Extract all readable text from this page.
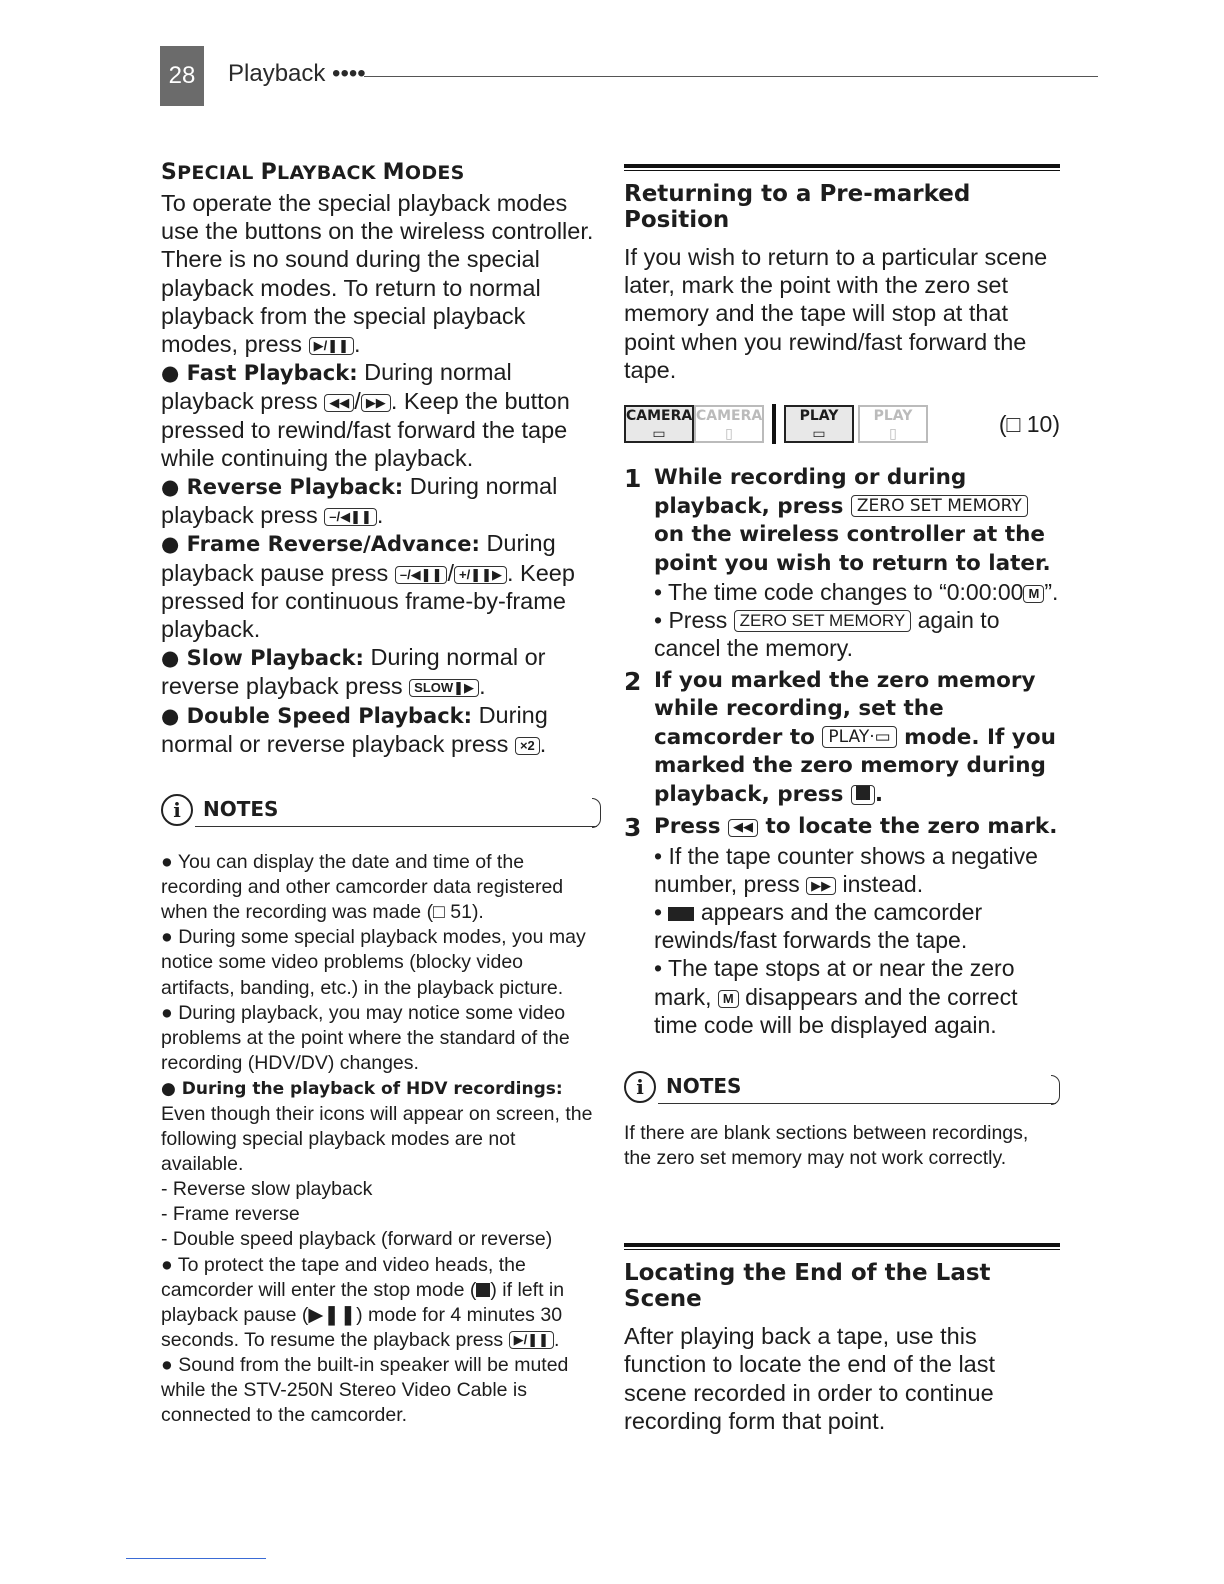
28	Playback ••••
SPECIAL PLAYBACK MODES

To operate the special playback modes use the buttons on the wireless controller. There is no sound during the special playback modes. To return to normal playback from the special playback modes, press ▶/❚❚ .

● Fast Playback: During normal playback press ◀◀ / ▶▶ . Keep the button pressed to rewind/fast forward the tape while continuing the playback.

● Reverse Playback: During normal playback press –/◀❚❚ .

● Frame Reverse/Advance: During playback pause press –/◀❚❚ / +/❚❚▶ . Keep pressed for continuous frame-by-frame playback.

● Slow Playback: During normal or reverse playback press SLOW❚▶ .

● Double Speed Playback: During normal or reverse playback press ×2 .

i	NOTES

● You can display the date and time of the recording and other camcorder data registered when the recording was made (□ 51).

● During some special playback modes, you may notice some video problems (blocky video artifacts, banding, etc.) in the playback picture.

● During playback, you may notice some video problems at the point where the standard of the recording (HDV/DV) changes.

● During the playback of HDV recordings: Even though their icons will appear on screen, the following special playback modes are not available.

- Reverse slow playback

- Frame reverse

- Double speed playback (forward or reverse)

● To protect the tape and video heads, the camcorder will enter the stop mode ( ) if left in playback pause (▶❚❚) mode for 4 minutes 30 seconds. To resume the playback press ▶/❚❚ .

● Sound from the built-in speaker will be muted while the STV-250N Stereo Video Cable is connected to the camcorder.

Returning to a Pre-marked Position

If you wish to return to a particular scene later, mark the point with the zero set memory and the tape will stop at that point when you rewind/fast forward the tape.

CAMERA
▭
CAMERA
▯
PLAY
▭
PLAY
▯	(□ 10)
1 While recording or during playback, press ZERO SET MEMORY on the wireless controller at the point you wish to return to later.

• The time code changes to “0:00:00 M ”.

• Press ZERO SET MEMORY again to cancel the memory.

2 If you marked the zero memory while recording, set the camcorder to PLAY·▭ mode. If you marked the zero memory during playback, press .

3 Press ◀◀ to locate the zero mark.

• If the tape counter shows a negative number, press ▶▶ instead.

•  appears and the camcorder rewinds/fast forwards the tape.

• The tape stops at or near the zero mark, M disappears and the correct time code will be displayed again.

i	NOTES

If there are blank sections between recordings, the zero set memory may not work correctly.

Locating the End of the Last Scene

After playing back a tape, use this function to locate the end of the last scene recorded in order to continue recording form that point.
